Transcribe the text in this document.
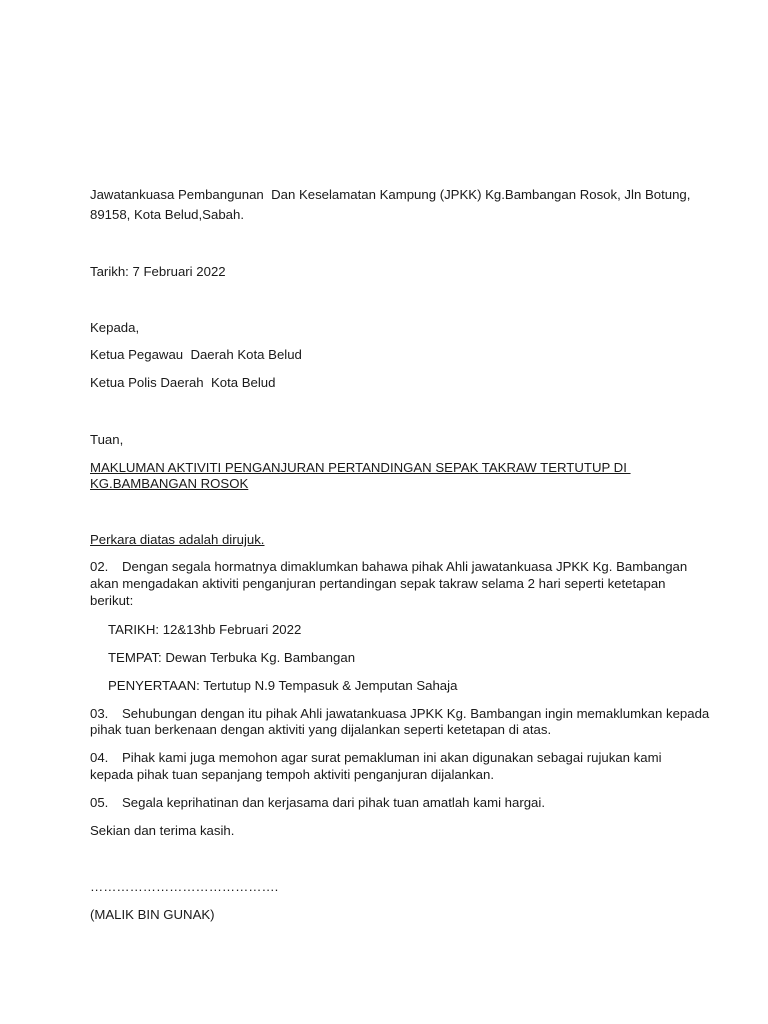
Jawatankuasa Pembangunan  Dan Keselamatan Kampung (JPKK) Kg.Bambangan Rosok, Jln Botung,

89158, Kota Belud,Sabah.

Tarikh: 7 Februari 2022

Kepada,

Ketua Pegawau  Daerah Kota Belud

Ketua Polis Daerah  Kota Belud

Tuan,

MAKLUMAN AKTIVITI PENGANJURAN PERTANDINGAN SEPAK TAKRAW TERTUTUP DI

KG.BAMBANGAN ROSOK

Perkara diatas adalah dirujuk.

02. Dengan segala hormatnya dimaklumkan bahawa pihak Ahli jawatankuasa JPKK Kg. Bambangan

akan mengadakan aktiviti penganjuran pertandingan sepak takraw selama 2 hari seperti ketetapan

berikut:

TARIKH: 12&13hb Februari 2022

TEMPAT: Dewan Terbuka Kg. Bambangan

PENYERTAAN: Tertutup N.9 Tempasuk & Jemputan Sahaja

03. Sehubungan dengan itu pihak Ahli jawatankuasa JPKK Kg. Bambangan ingin memaklumkan kepada

pihak tuan berkenaan dengan aktiviti yang dijalankan seperti ketetapan di atas.

04. Pihak kami juga memohon agar surat pemakluman ini akan digunakan sebagai rujukan kami

kepada pihak tuan sepanjang tempoh aktiviti penganjuran dijalankan.

05. Segala keprihatinan dan kerjasama dari pihak tuan amatlah kami hargai.

Sekian dan terima kasih.

…………………………………….

(MALIK BIN GUNAK)
